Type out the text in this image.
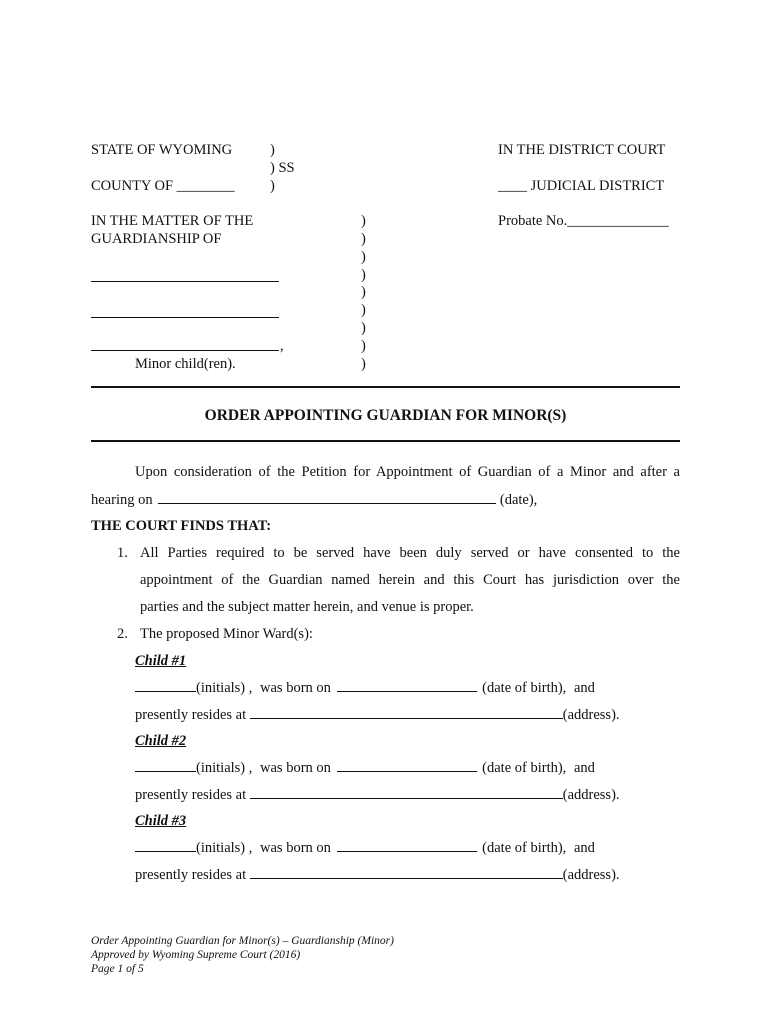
STATE OF WYOMING	)
) SS
COUNTY OF ________ )
IN THE DISTRICT COURT
____ JUDICIAL DISTRICT
IN THE MATTER OF THE
GUARDIANSHIP OF
Probate No.______________
,
Minor child(ren).
)
)
)
)
)
)
)
)
)
ORDER APPOINTING GUARDIAN FOR MINOR(S)
Upon consideration of the Petition for Appointment of Guardian of a Minor and after a
hearing on	(date),
THE COURT FINDS THAT:
1. All Parties required to be served have been duly served or have consented to the
appointment of the Guardian named herein and this Court has jurisdiction over the
parties and the subject matter herein, and venue is proper.
2. The proposed Minor Ward(s):
Child #1
(initials) , was born on	(date of birth), and
presently resides at	(address).
Child #2
(initials) , was born on	(date of birth), and
presently resides at	(address).
Child #3
(initials) , was born on	(date of birth), and
presently resides at	(address).
Order Appointing Guardian for Minor(s) – Guardianship (Minor)
Approved by Wyoming Supreme Court (2016)
Page 1 of 5
